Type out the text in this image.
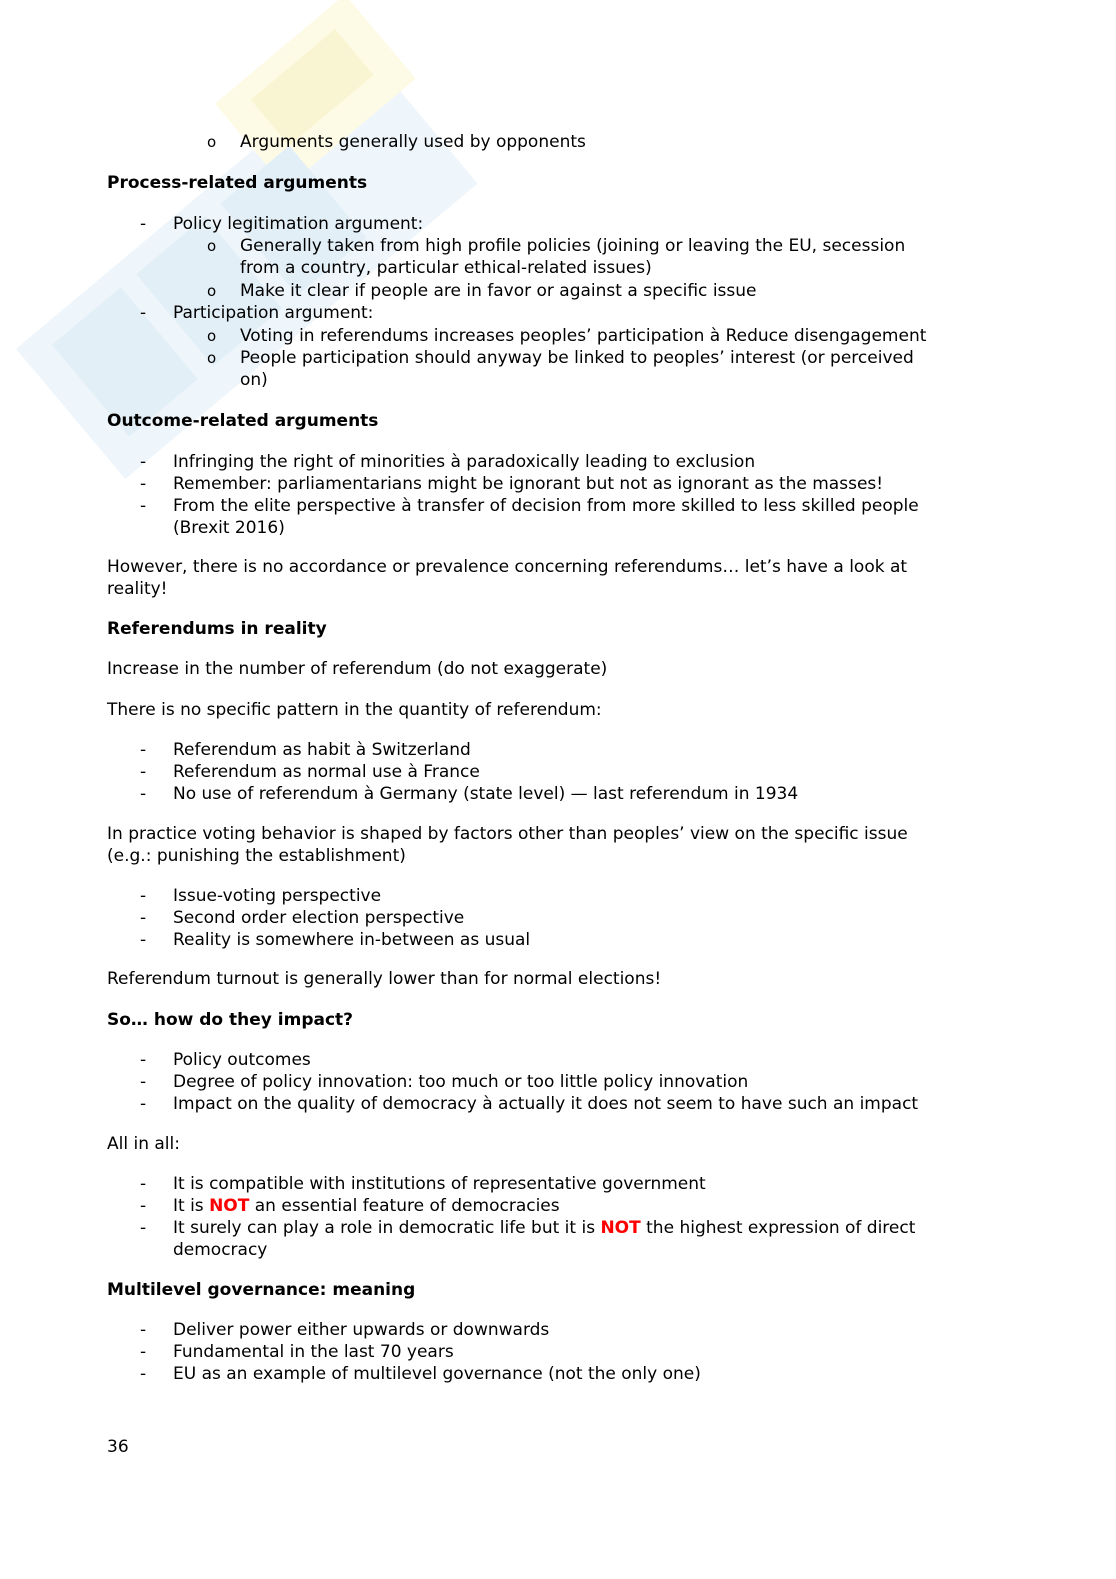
o Arguments generally used by opponents
Process-related arguments
- Policy legitimation argument:
o Generally taken from high profile policies (joining or leaving the EU, secession
from a country, particular ethical-related issues)
o Make it clear if people are in favor or against a specific issue
- Participation argument:
o Voting in referendums increases peoples’ participation à Reduce disengagement
o People participation should anyway be linked to peoples’ interest (or perceived
on)
Outcome-related arguments
- Infringing the right of minorities à paradoxically leading to exclusion
- Remember: parliamentarians might be ignorant but not as ignorant as the masses!
- From the elite perspective à transfer of decision from more skilled to less skilled people
(Brexit 2016)
However, there is no accordance or prevalence concerning referendums… let’s have a look at
reality!
Referendums in reality
Increase in the number of referendum (do not exaggerate)
There is no specific pattern in the quantity of referendum:
- Referendum as habit à Switzerland
- Referendum as normal use à France
- No use of referendum à Germany (state level) — last referendum in 1934
In practice voting behavior is shaped by factors other than peoples’ view on the specific issue
(e.g.: punishing the establishment)
- Issue-voting perspective
- Second order election perspective
- Reality is somewhere in-between as usual
Referendum turnout is generally lower than for normal elections!
So… how do they impact?
- Policy outcomes
- Degree of policy innovation: too much or too little policy innovation
- Impact on the quality of democracy à actually it does not seem to have such an impact
All in all:
- It is compatible with institutions of representative government
- It is NOT an essential feature of democracies
- It surely can play a role in democratic life but it is NOT the highest expression of direct
democracy
Multilevel governance: meaning
- Deliver power either upwards or downwards
- Fundamental in the last 70 years
- EU as an example of multilevel governance (not the only one)
36
